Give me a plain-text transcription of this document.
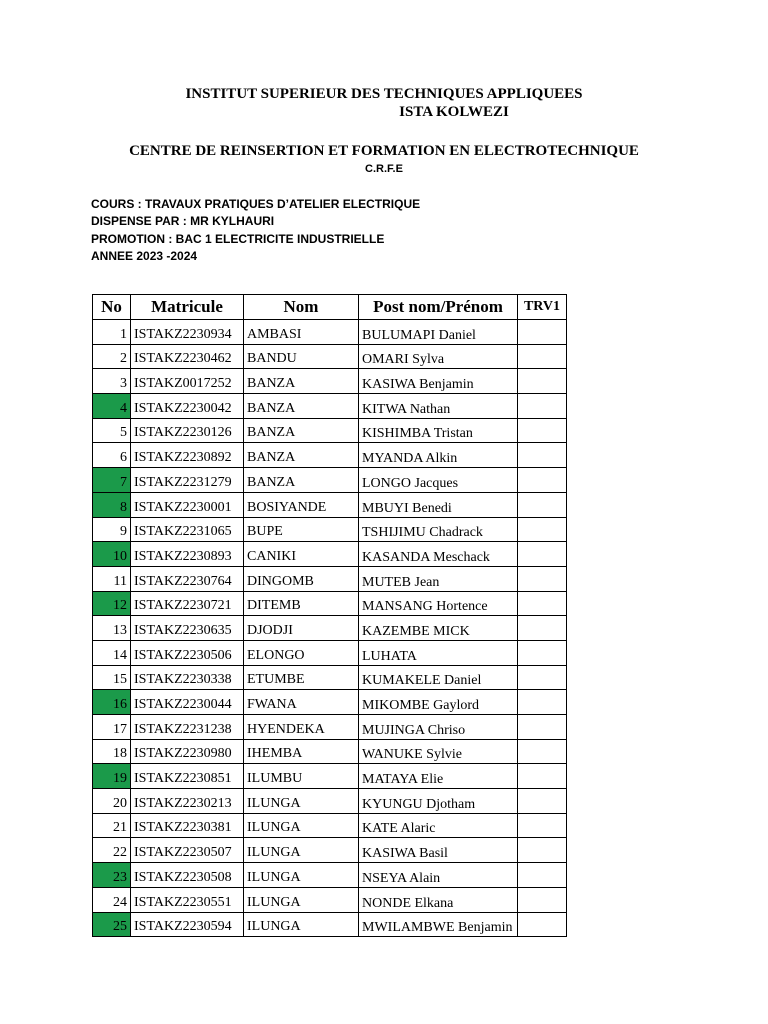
INSTITUT SUPERIEUR DES TECHNIQUES APPLIQUEES
ISTA KOLWEZI
CENTRE DE REINSERTION ET FORMATION EN ELECTROTECHNIQUE
C.R.F.E
COURS : TRAVAUX PRATIQUES D’ATELIER ELECTRIQUE
DISPENSE PAR : MR KYLHAURI
PROMOTION : BAC 1 ELECTRICITE INDUSTRIELLE
ANNEE 2023 -2024
No	Matricule	Nom	Post nom/Prénom	TRV1
1	ISTAKZ2230934	AMBASI	BULUMAPI Daniel	
2	ISTAKZ2230462	BANDU	OMARI Sylva	
3	ISTAKZ0017252	BANZA	KASIWA Benjamin	
4	ISTAKZ2230042	BANZA	KITWA Nathan	
5	ISTAKZ2230126	BANZA	KISHIMBA Tristan	
6	ISTAKZ2230892	BANZA	MYANDA Alkin	
7	ISTAKZ2231279	BANZA	LONGO Jacques	
8	ISTAKZ2230001	BOSIYANDE	MBUYI Benedi	
9	ISTAKZ2231065	BUPE	TSHIJIMU Chadrack	
10	ISTAKZ2230893	CANIKI	KASANDA Meschack	
11	ISTAKZ2230764	DINGOMB	MUTEB Jean	
12	ISTAKZ2230721	DITEMB	MANSANG Hortence	
13	ISTAKZ2230635	DJODJI	KAZEMBE MICK	
14	ISTAKZ2230506	ELONGO	LUHATA	
15	ISTAKZ2230338	ETUMBE	KUMAKELE Daniel	
16	ISTAKZ2230044	FWANA	MIKOMBE Gaylord	
17	ISTAKZ2231238	HYENDEKA	MUJINGA Chriso	
18	ISTAKZ2230980	IHEMBA	WANUKE Sylvie	
19	ISTAKZ2230851	ILUMBU	MATAYA Elie	
20	ISTAKZ2230213	ILUNGA	KYUNGU Djotham	
21	ISTAKZ2230381	ILUNGA	KATE Alaric	
22	ISTAKZ2230507	ILUNGA	KASIWA Basil	
23	ISTAKZ2230508	ILUNGA	NSEYA Alain	
24	ISTAKZ2230551	ILUNGA	NONDE Elkana	
25	ISTAKZ2230594	ILUNGA	MWILAMBWE Benjamin	
